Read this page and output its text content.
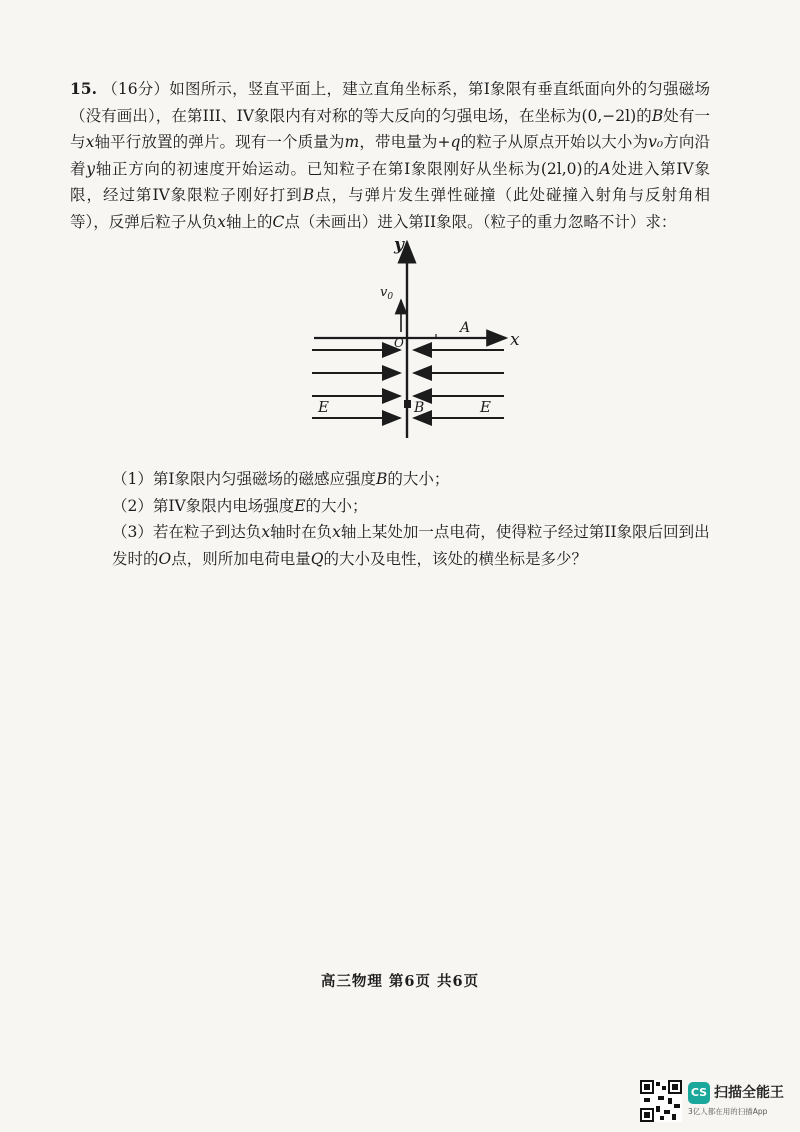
15. （16分）如图所示，竖直平面上，建立直角坐标系，第Ⅰ象限有垂直纸面向外的匀强磁场（没有画出），在第III、IV象限内有对称的等大反向的匀强电场，在坐标为(0,−2l)的B处有一与x轴平行放置的弹片。现有一个质量为m，带电量为+q的粒子从原点开始以大小为v₀方向沿着y轴正方向的初速度开始运动。已知粒子在第Ⅰ象限刚好从坐标为(2l,0)的A处进入第IV象限，经过第IV象限粒子刚好打到B点，与弹片发生弹性碰撞（此处碰撞入射角与反射角相等），反弹后粒子从负x轴上的C点（未画出）进入第II象限。（粒子的重力忽略不计）求：

y
x
$v_0$
O
A
B
E	E

（1）第Ⅰ象限内匀强磁场的磁感应强度B的大小；

（2）第IV象限内电场强度E的大小；

（3）若在粒子到达负x轴时在负x轴上某处加一点电荷，使得粒子经过第II象限后回到出发时的O点，则所加电荷电量Q的大小及电性，该处的横坐标是多少？

高三物理 第6页 共6页
CS 扫描全能王
3亿人都在用的扫描App
